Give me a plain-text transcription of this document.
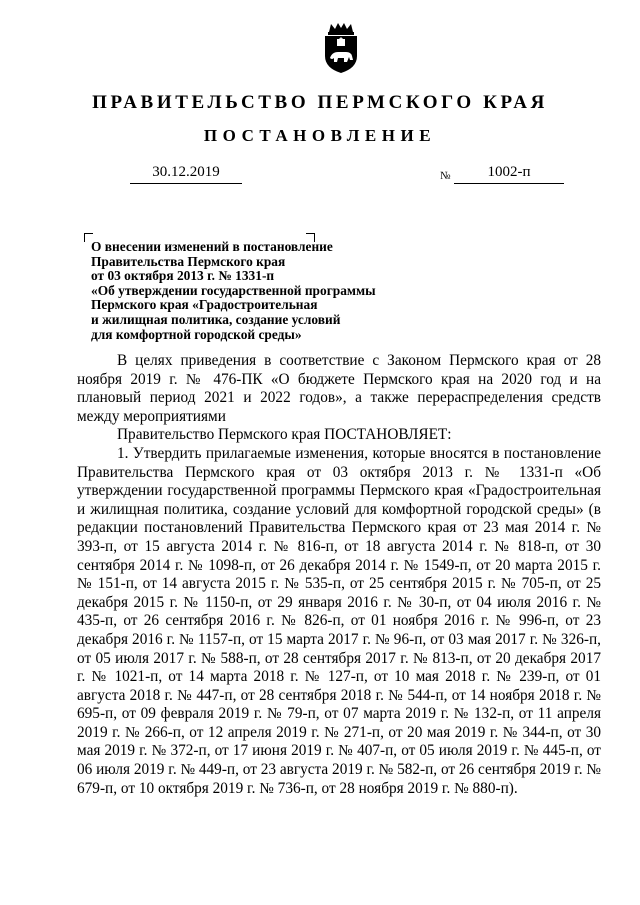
ПРАВИТЕЛЬСТВО ПЕРМСКОГО КРАЯ
ПОСТАНОВЛЕНИЕ
30.12.2019	№	1002-п
О внесении изменений в постановление
Правительства Пермского края
от 03 октября 2013 г. № 1331-п
«Об утверждении государственной программы
Пермского края «Градостроительная
и жилищная политика, создание условий
для комфортной городской среды»

В целях приведения в соответствие с Законом Пермского края от 28 ноября 2019 г. № 476-ПК «О бюджете Пермского края на 2020 год и на плановый период 2021 и 2022 годов», а также перераспределения средств между мероприятиями

Правительство Пермского края ПОСТАНОВЛЯЕТ:

1. Утвердить прилагаемые изменения, которые вносятся в постановление Правительства Пермского края от 03 октября 2013 г. № 1331-п «Об утверждении государственной программы Пермского края «Градостроительная и жилищная политика, создание условий для комфортной городской среды» (в редакции постановлений Правительства Пермского края от 23 мая 2014 г. № 393-п, от 15 августа 2014 г. № 816-п, от 18 августа 2014 г. № 818-п, от 30 сентября 2014 г. № 1098-п, от 26 декабря 2014 г. № 1549-п, от 20 марта 2015 г. № 151-п, от 14 августа 2015 г. № 535-п, от 25 сентября 2015 г. № 705-п, от 25 декабря 2015 г. № 1150-п, от 29 января 2016 г. № 30-п, от 04 июля 2016 г. № 435-п, от 26 сентября 2016 г. № 826-п, от 01 ноября 2016 г. № 996-п, от 23 декабря 2016 г. № 1157-п, от 15 марта 2017 г. № 96-п, от 03 мая 2017 г. № 326-п, от 05 июля 2017 г. № 588-п, от 28 сентября 2017 г. № 813-п, от 20 декабря 2017 г. № 1021-п, от 14 марта 2018 г. № 127-п, от 10 мая 2018 г. № 239-п, от 01 августа 2018 г. № 447-п, от 28 сентября 2018 г. № 544-п, от 14 ноября 2018 г. № 695-п, от 09 февраля 2019 г. № 79-п, от 07 марта 2019 г. № 132-п, от 11 апреля 2019 г. № 266-п, от 12 апреля 2019 г. № 271-п, от 20 мая 2019 г. № 344-п, от 30 мая 2019 г. № 372-п, от 17 июня 2019 г. № 407-п, от 05 июля 2019 г. № 445-п, от 06 июля 2019 г. № 449-п, от 23 августа 2019 г. № 582-п, от 26 сентября 2019 г. № 679-п, от 10 октября 2019 г. № 736-п, от 28 ноября 2019 г. № 880-п).
